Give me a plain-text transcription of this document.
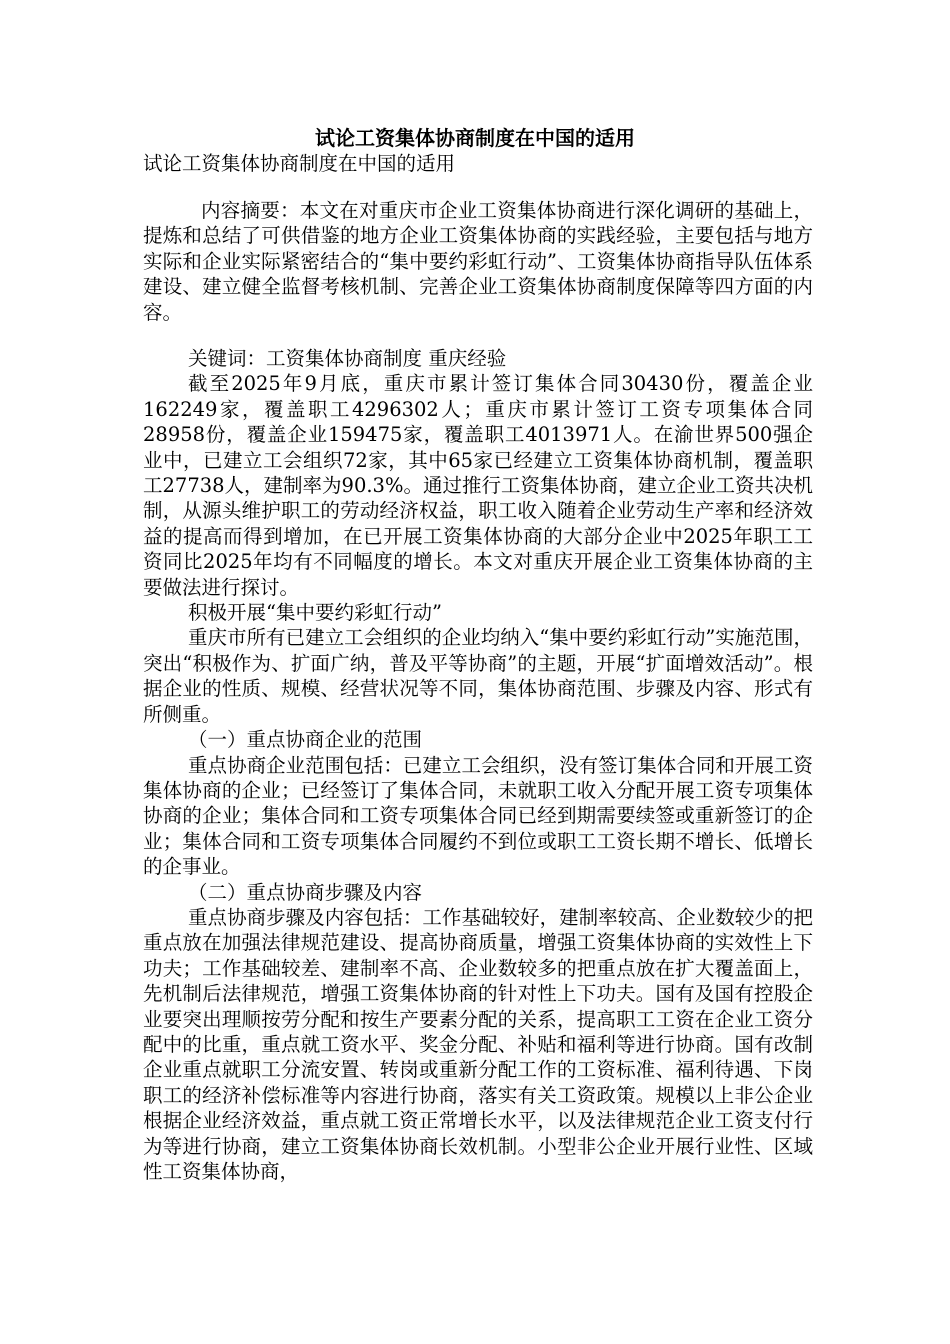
试论工资集体协商制度在中国的适用

试论工资集体协商制度在中国的适用

内容摘要：本文在对重庆市企业工资集体协商进行深化调研的基础上，提炼和总结了可供借鉴的地方企业工资集体协商的实践经验，主要包括与地方实际和企业实际紧密结合的“集中要约彩虹行动”、工资集体协商指导队伍体系建设、建立健全监督考核机制、完善企业工资集体协商制度保障等四方面的内容。

关键词：工资集体协商制度 重庆经验

截至2025年9月底，重庆市累计签订集体合同30430份，覆盖企业162249家，覆盖职工4296302人；重庆市累计签订工资专项集体合同28958份，覆盖企业159475家，覆盖职工4013971人。在渝世界500强企业中，已建立工会组织72家，其中65家已经建立工资集体协商机制，覆盖职工27738人，建制率为90.3%。通过推行工资集体协商，建立企业工资共决机制，从源头维护职工的劳动经济权益，职工收入随着企业劳动生产率和经济效益的提高而得到增加，在已开展工资集体协商的大部分企业中2025年职工工资同比2025年均有不同幅度的增长。本文对重庆开展企业工资集体协商的主要做法进行探讨。

积极开展“集中要约彩虹行动”

重庆市所有已建立工会组织的企业均纳入“集中要约彩虹行动”实施范围，突出“积极作为、扩面广纳，普及平等协商”的主题，开展“扩面增效活动”。根据企业的性质、规模、经营状况等不同，集体协商范围、步骤及内容、形式有所侧重。

（一）重点协商企业的范围

重点协商企业范围包括：已建立工会组织，没有签订集体合同和开展工资集体协商的企业；已经签订了集体合同，未就职工收入分配开展工资专项集体协商的企业；集体合同和工资专项集体合同已经到期需要续签或重新签订的企业；集体合同和工资专项集体合同履约不到位或职工工资长期不增长、低增长的企事业。

（二）重点协商步骤及内容

重点协商步骤及内容包括：工作基础较好，建制率较高、企业数较少的把重点放在加强法律规范建设、提高协商质量，增强工资集体协商的实效性上下功夫；工作基础较差、建制率不高、企业数较多的把重点放在扩大覆盖面上，先机制后法律规范，增强工资集体协商的针对性上下功夫。国有及国有控股企业要突出理顺按劳分配和按生产要素分配的关系，提高职工工资在企业工资分配中的比重，重点就工资水平、奖金分配、补贴和福利等进行协商。国有改制企业重点就职工分流安置、转岗或重新分配工作的工资标准、福利待遇、下岗职工的经济补偿标准等内容进行协商，落实有关工资政策。规模以上非公企业根据企业经济效益，重点就工资正常增长水平，以及法律规范企业工资支付行为等进行协商，建立工资集体协商长效机制。小型非公企业开展行业性、区域性工资集体协商，
